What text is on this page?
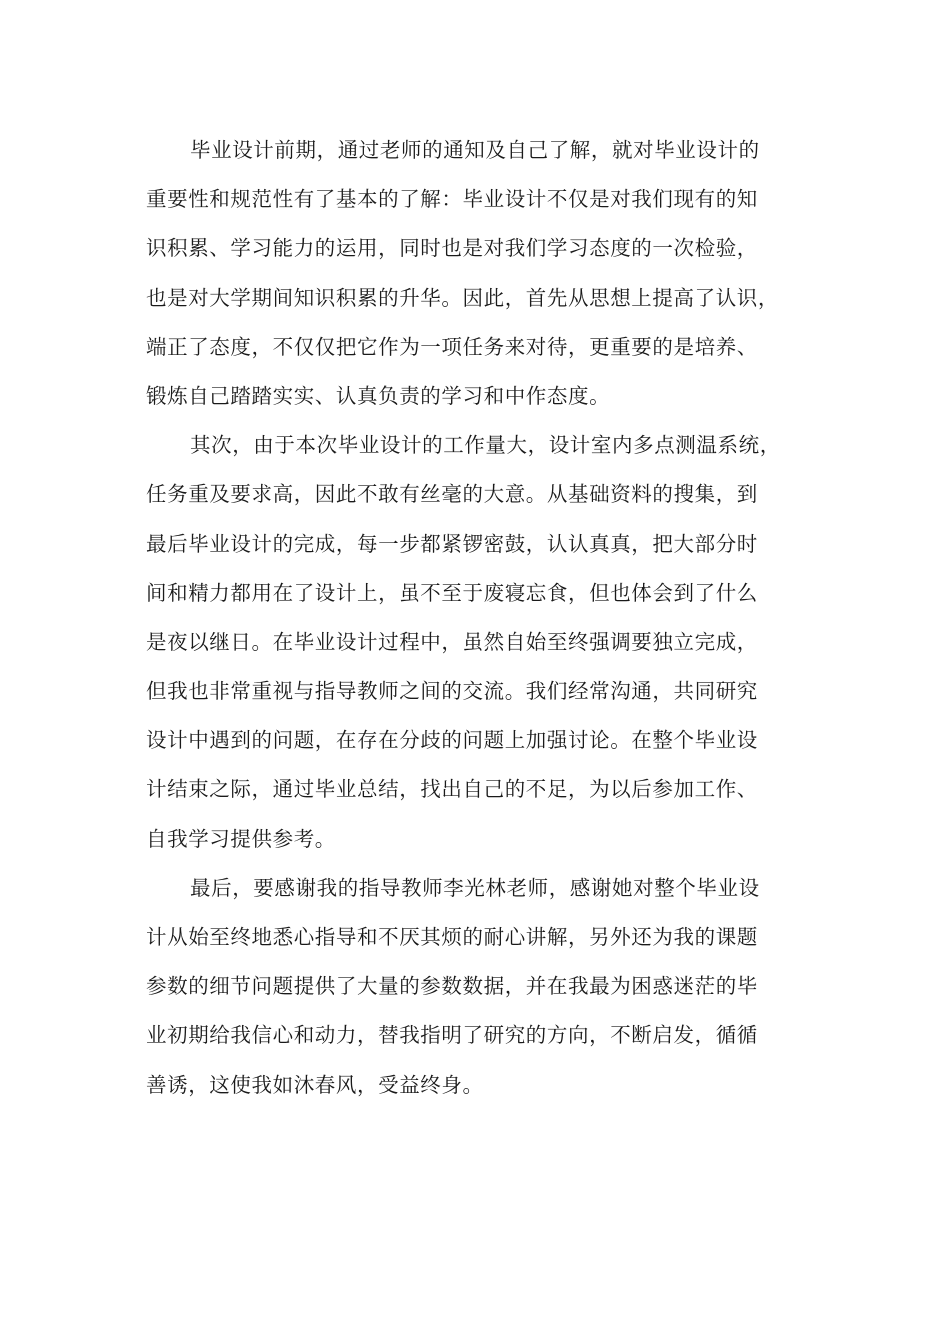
毕业设计前期，通过老师的通知及自己了解，就对毕业设计的
重要性和规范性有了基本的了解：毕业设计不仅是对我们现有的知
识积累、学习能力的运用，同时也是对我们学习态度的一次检验，
也是对大学期间知识积累的升华。因此，首先从思想上提高了认识，
端正了态度，不仅仅把它作为一项任务来对待，更重要的是培养、
锻炼自己踏踏实实、认真负责的学习和中作态度。
其次，由于本次毕业设计的工作量大，设计室内多点测温系统，
任务重及要求高，因此不敢有丝毫的大意。从基础资料的搜集，到
最后毕业设计的完成，每一步都紧锣密鼓，认认真真，把大部分时
间和精力都用在了设计上，虽不至于废寝忘食，但也体会到了什么
是夜以继日。在毕业设计过程中，虽然自始至终强调要独立完成，
但我也非常重视与指导教师之间的交流。我们经常沟通，共同研究
设计中遇到的问题，在存在分歧的问题上加强讨论。在整个毕业设
计结束之际，通过毕业总结，找出自己的不足，为以后参加工作、
自我学习提供参考。
最后，要感谢我的指导教师李光林老师，感谢她对整个毕业设
计从始至终地悉心指导和不厌其烦的耐心讲解，另外还为我的课题
参数的细节问题提供了大量的参数数据，并在我最为困惑迷茫的毕
业初期给我信心和动力，替我指明了研究的方向，不断启发，循循
善诱，这使我如沐春风，受益终身。
